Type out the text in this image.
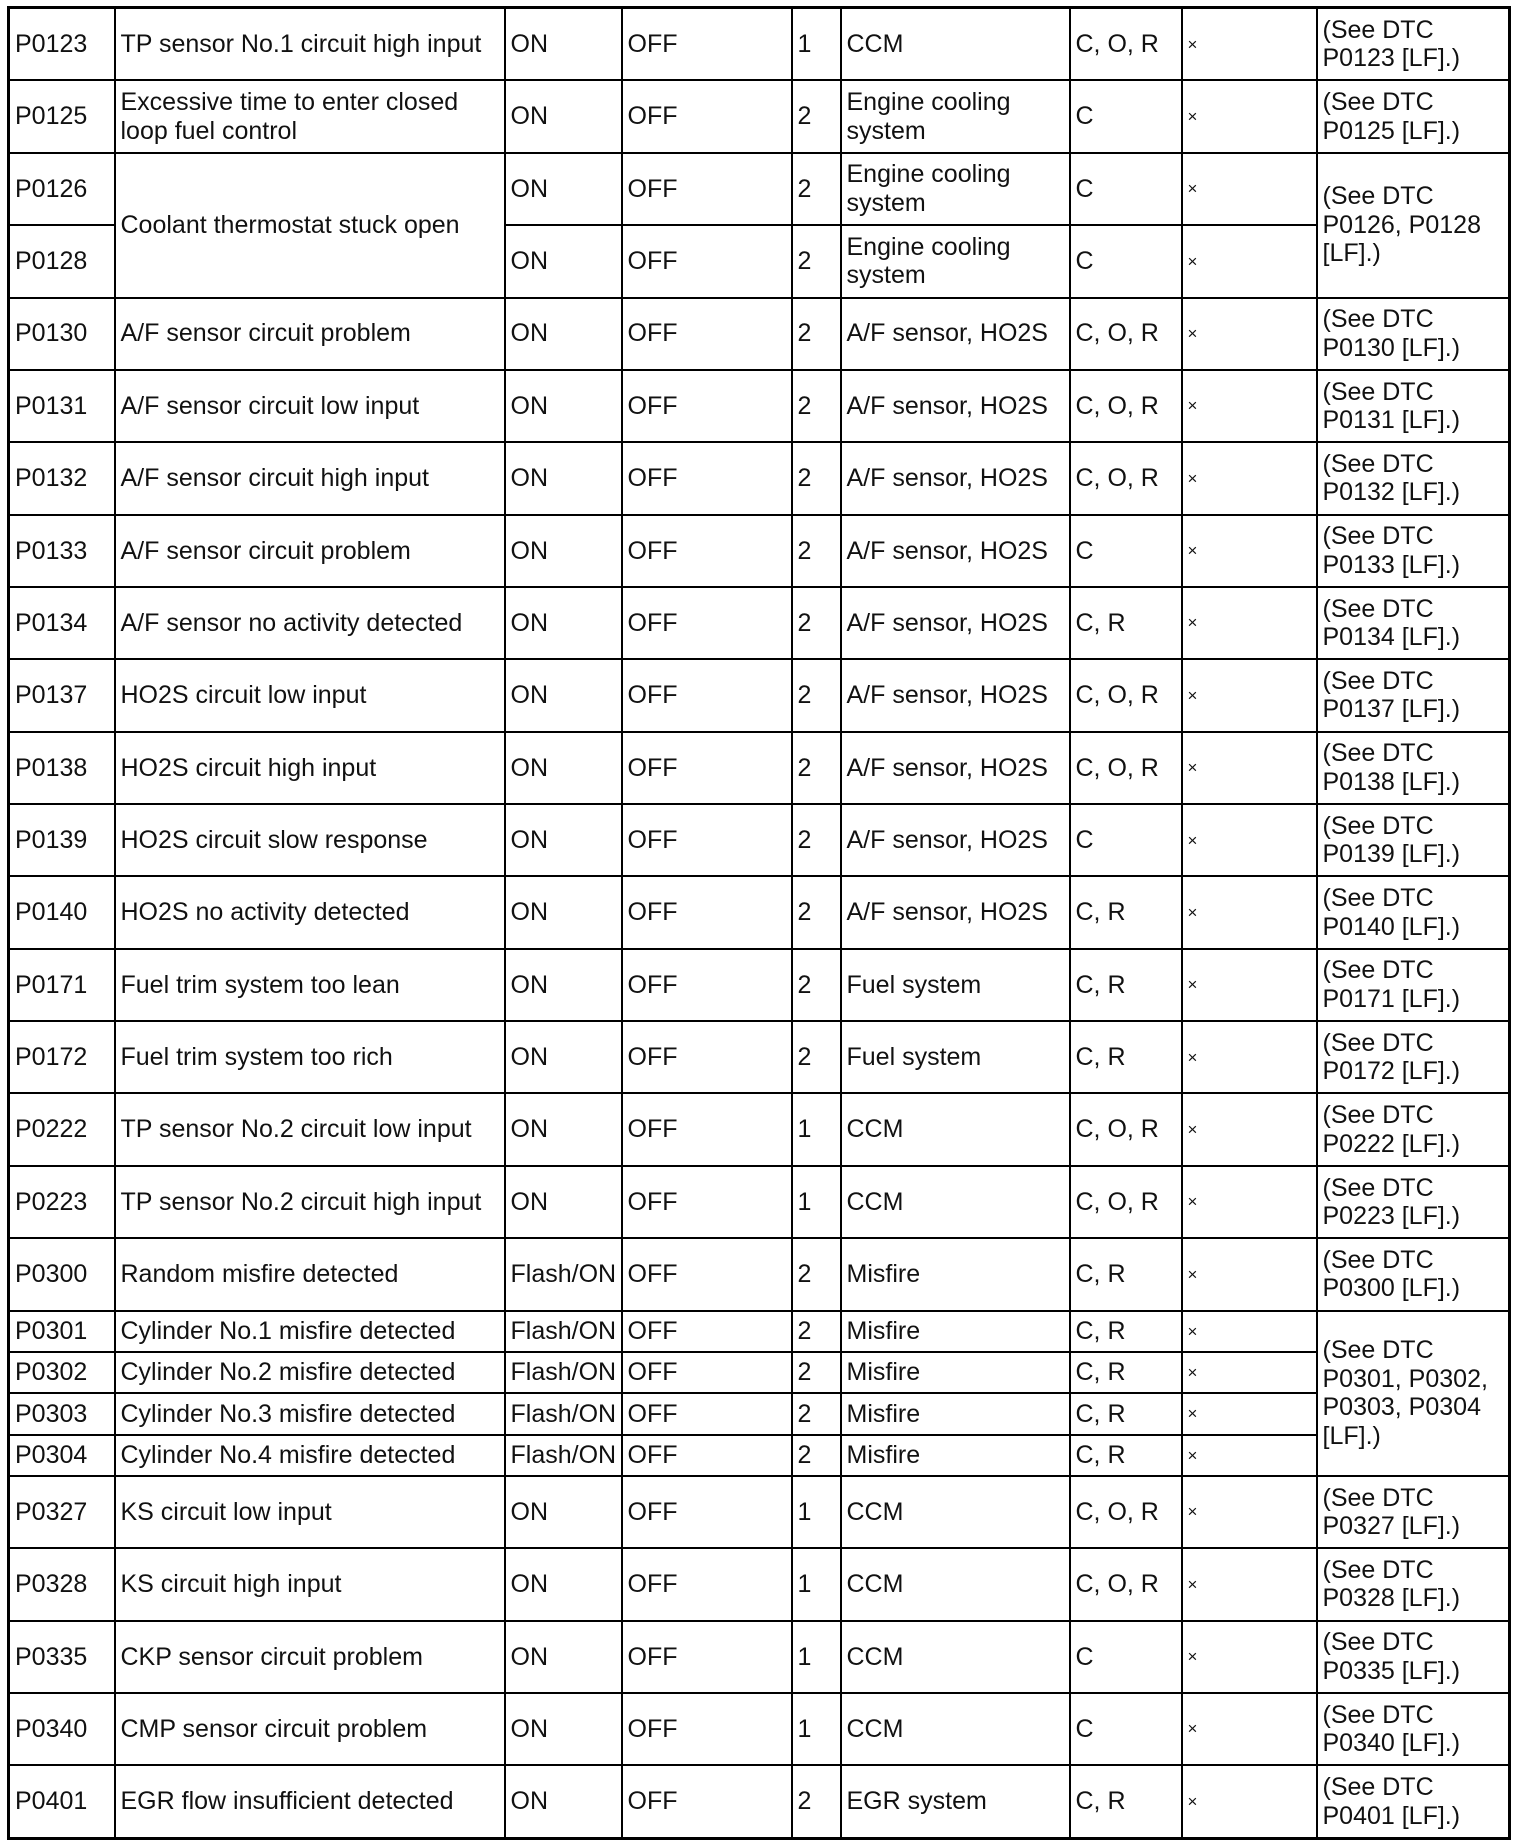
P0123	TP sensor No.1 circuit high input	ON	OFF	1	CCM	C, O, R	×	(See DTC P0123 [LF].)
P0125	Excessive time to enter closed loop fuel control	ON	OFF	2	Engine cooling system	C	×	(See DTC P0125 [LF].)
P0126	Coolant thermostat stuck open	ON	OFF	2	Engine cooling system	C	×	(See DTC P0126, P0128 [LF].)
P0128		ON	OFF	2	Engine cooling system	C	×	
P0130	A/F sensor circuit problem	ON	OFF	2	A/F sensor, HO2S	C, O, R	×	(See DTC P0130 [LF].)
P0131	A/F sensor circuit low input	ON	OFF	2	A/F sensor, HO2S	C, O, R	×	(See DTC P0131 [LF].)
P0132	A/F sensor circuit high input	ON	OFF	2	A/F sensor, HO2S	C, O, R	×	(See DTC P0132 [LF].)
P0133	A/F sensor circuit problem	ON	OFF	2	A/F sensor, HO2S	C	×	(See DTC P0133 [LF].)
P0134	A/F sensor no activity detected	ON	OFF	2	A/F sensor, HO2S	C, R	×	(See DTC P0134 [LF].)
P0137	HO2S circuit low input	ON	OFF	2	A/F sensor, HO2S	C, O, R	×	(See DTC P0137 [LF].)
P0138	HO2S circuit high input	ON	OFF	2	A/F sensor, HO2S	C, O, R	×	(See DTC P0138 [LF].)
P0139	HO2S circuit slow response	ON	OFF	2	A/F sensor, HO2S	C	×	(See DTC P0139 [LF].)
P0140	HO2S no activity detected	ON	OFF	2	A/F sensor, HO2S	C, R	×	(See DTC P0140 [LF].)
P0171	Fuel trim system too lean	ON	OFF	2	Fuel system	C, R	×	(See DTC P0171 [LF].)
P0172	Fuel trim system too rich	ON	OFF	2	Fuel system	C, R	×	(See DTC P0172 [LF].)
P0222	TP sensor No.2 circuit low input	ON	OFF	1	CCM	C, O, R	×	(See DTC P0222 [LF].)
P0223	TP sensor No.2 circuit high input	ON	OFF	1	CCM	C, O, R	×	(See DTC P0223 [LF].)
P0300	Random misfire detected	Flash/ON	OFF	2	Misfire	C, R	×	(See DTC P0300 [LF].)
P0301	Cylinder No.1 misfire detected	Flash/ON	OFF	2	Misfire	C, R	×	(See DTC P0301, P0302, P0303, P0304 [LF].)
P0302	Cylinder No.2 misfire detected	Flash/ON	OFF	2	Misfire	C, R	×	
P0303	Cylinder No.3 misfire detected	Flash/ON	OFF	2	Misfire	C, R	×	
P0304	Cylinder No.4 misfire detected	Flash/ON	OFF	2	Misfire	C, R	×	
P0327	KS circuit low input	ON	OFF	1	CCM	C, O, R	×	(See DTC P0327 [LF].)
P0328	KS circuit high input	ON	OFF	1	CCM	C, O, R	×	(See DTC P0328 [LF].)
P0335	CKP sensor circuit problem	ON	OFF	1	CCM	C	×	(See DTC P0335 [LF].)
P0340	CMP sensor circuit problem	ON	OFF	1	CCM	C	×	(See DTC P0340 [LF].)
P0401	EGR flow insufficient detected	ON	OFF	2	EGR system	C, R	×	(See DTC P0401 [LF].)
